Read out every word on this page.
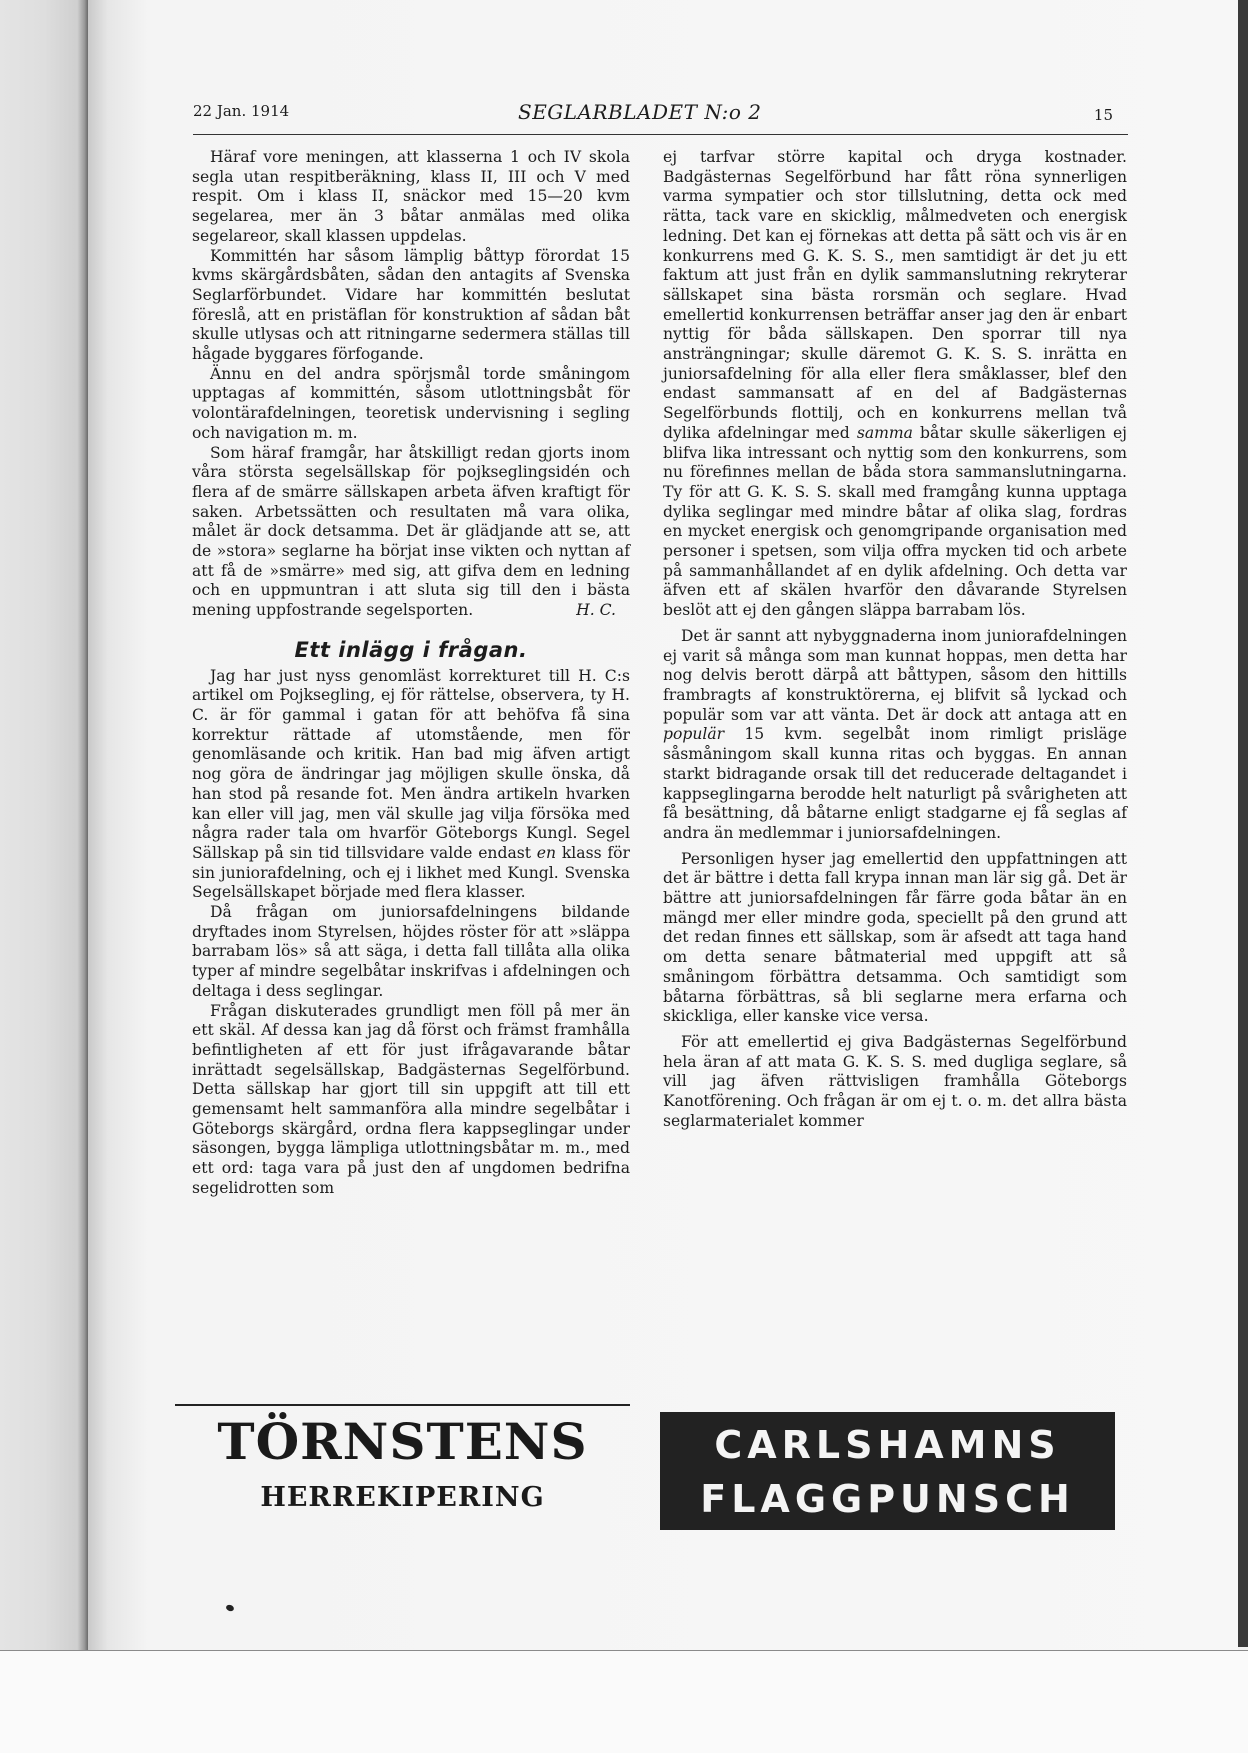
22 Jan. 1914	SEGLARBLADET N:o 2	15

Häraf vore meningen, att klasserna 1 och IV skola segla utan respitberäkning, klass II, III och V med respit. Om i klass II, snäckor med 15—20 kvm segelarea, mer än 3 båtar anmälas med olika segelareor, skall klassen uppdelas.

Kommittén har såsom lämplig båttyp förordat 15 kvms skärgårdsbåten, sådan den antagits af Svenska Seglarförbundet. Vidare har kommittén beslutat föreslå, att en pristäflan för konstruktion af sådan båt skulle utlysas och att ritningarne sedermera ställas till hågade byggares förfogande.

Ännu en del andra spörjsmål torde småningom upptagas af kommittén, såsom utlottningsbåt för volontärafdelningen, teoretisk undervisning i segling och navigation m. m.

Som häraf framgår, har åtskilligt redan gjorts inom våra största segelsällskap för pojkseglingsidén och flera af de smärre sällskapen arbeta äfven kraftigt för saken. Arbetssätten och resultaten må vara olika, målet är dock detsamma. Det är glädjande att se, att de »stora» seglarne ha börjat inse vikten och nyttan af att få de »smärre» med sig, att gifva dem en ledning och en uppmuntran i att sluta sig till den i bästa mening uppfostrande segelsporten.	H. C.

Ett inlägg i frågan.

Jag har just nyss genomläst korrekturet till H. C:s artikel om Pojksegling, ej för rättelse, observera, ty H. C. är för gammal i gatan för att behöfva få sina korrektur rättade af utomstående, men för genomläsande och kritik. Han bad mig äfven artigt nog göra de ändringar jag möjligen skulle önska, då han stod på resande fot. Men ändra artikeln hvarken kan eller vill jag, men väl skulle jag vilja försöka med några rader tala om hvarför Göteborgs Kungl. Segel Sällskap på sin tid tillsvidare valde endast en klass för sin juniorafdelning, och ej i likhet med Kungl. Svenska Segelsällskapet började med flera klasser.

Då frågan om juniorsafdelningens bildande dryftades inom Styrelsen, höjdes röster för att »släppa barrabam lös» så att säga, i detta fall tillåta alla olika typer af mindre segelbåtar inskrifvas i afdelningen och deltaga i dess seglingar.

Frågan diskuterades grundligt men föll på mer än ett skäl. Af dessa kan jag då först och främst framhålla befintligheten af ett för just ifrågavarande båtar inrättadt segelsällskap, Badgästernas Segelförbund. Detta sällskap har gjort till sin uppgift att till ett gemensamt helt sammanföra alla mindre segelbåtar i Göteborgs skärgård, ordna flera kappseglingar under säsongen, bygga lämpliga utlottningsbåtar m. m., med ett ord: taga vara på just den af ungdomen bedrifna segelidrotten som

ej tarfvar större kapital och dryga kostnader. Badgästernas Segelförbund har fått röna synnerligen varma sympatier och stor tillslutning, detta ock med rätta, tack vare en skicklig, målmedveten och energisk ledning. Det kan ej förnekas att detta på sätt och vis är en konkurrens med G. K. S. S., men samtidigt är det ju ett faktum att just från en dylik sammanslutning rekryterar sällskapet sina bästa rorsmän och seglare. Hvad emellertid konkurrensen beträffar anser jag den är enbart nyttig för båda sällskapen. Den sporrar till nya ansträngningar; skulle däremot G. K. S. S. inrätta en juniorsafdelning för alla eller flera småklasser, blef den endast sammansatt af en del af Badgästernas Segelförbunds flottilj, och en konkurrens mellan två dylika afdelningar med samma båtar skulle säkerligen ej blifva lika intressant och nyttig som den konkurrens, som nu förefinnes mellan de båda stora sammanslutningarna. Ty för att G. K. S. S. skall med framgång kunna upptaga dylika seglingar med mindre båtar af olika slag, fordras en mycket energisk och genomgripande organisation med personer i spetsen, som vilja offra mycken tid och arbete på sammanhållandet af en dylik afdelning. Och detta var äfven ett af skälen hvarför den dåvarande Styrelsen beslöt att ej den gången släppa barrabam lös.

Det är sannt att nybyggnaderna inom juniorafdelningen ej varit så många som man kunnat hoppas, men detta har nog delvis berott därpå att båttypen, såsom den hittills frambragts af konstruktörerna, ej blifvit så lyckad och populär som var att vänta. Det är dock att antaga att en populär 15 kvm. segelbåt inom rimligt prisläge såsmåningom skall kunna ritas och byggas. En annan starkt bidragande orsak till det reducerade deltagandet i kappseglingarna berodde helt naturligt på svårigheten att få besättning, då båtarne enligt stadgarne ej få seglas af andra än medlemmar i juniorsafdelningen.

Personligen hyser jag emellertid den uppfattningen att det är bättre i detta fall krypa innan man lär sig gå. Det är bättre att juniorsafdelningen får färre goda båtar än en mängd mer eller mindre goda, speciellt på den grund att det redan finnes ett sällskap, som är afsedt att taga hand om detta senare båtmaterial med uppgift att så småningom förbättra detsamma. Och samtidigt som båtarna förbättras, så bli seglarne mera erfarna och skickliga, eller kanske vice versa.

För att emellertid ej giva Badgästernas Segelförbund hela äran af att mata G. K. S. S. med dugliga seglare, så vill jag äfven rättvisligen framhålla Göteborgs Kanotförening. Och frågan är om ej t. o. m. det allra bästa seglarmaterialet kommer

TÖRNSTENS
HERREKIPERING
CARLSHAMNS
FLAGGPUNSCH
